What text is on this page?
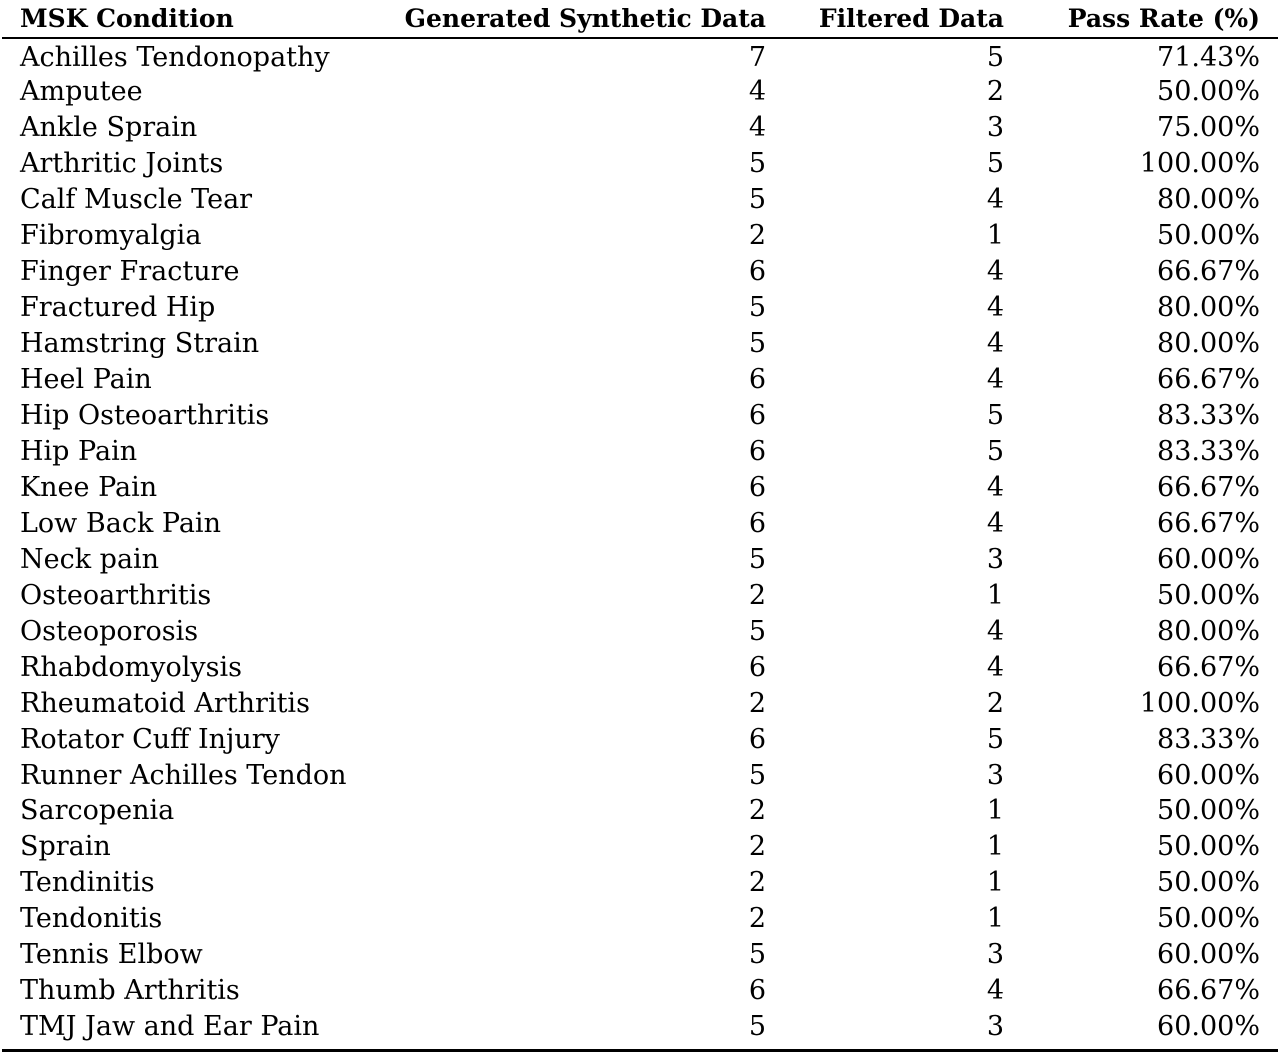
MSK Condition	Generated Synthetic Data	Filtered Data	Pass Rate (%)
Achilles Tendonopathy	7	5	71.43%
Amputee	4	2	50.00%
Ankle Sprain	4	3	75.00%
Arthritic Joints	5	5	100.00%
Calf Muscle Tear	5	4	80.00%
Fibromyalgia	2	1	50.00%
Finger Fracture	6	4	66.67%
Fractured Hip	5	4	80.00%
Hamstring Strain	5	4	80.00%
Heel Pain	6	4	66.67%
Hip Osteoarthritis	6	5	83.33%
Hip Pain	6	5	83.33%
Knee Pain	6	4	66.67%
Low Back Pain	6	4	66.67%
Neck pain	5	3	60.00%
Osteoarthritis	2	1	50.00%
Osteoporosis	5	4	80.00%
Rhabdomyolysis	6	4	66.67%
Rheumatoid Arthritis	2	2	100.00%
Rotator Cuff Injury	6	5	83.33%
Runner Achilles Tendon	5	3	60.00%
Sarcopenia	2	1	50.00%
Sprain	2	1	50.00%
Tendinitis	2	1	50.00%
Tendonitis	2	1	50.00%
Tennis Elbow	5	3	60.00%
Thumb Arthritis	6	4	66.67%
TMJ Jaw and Ear Pain	5	3	60.00%
